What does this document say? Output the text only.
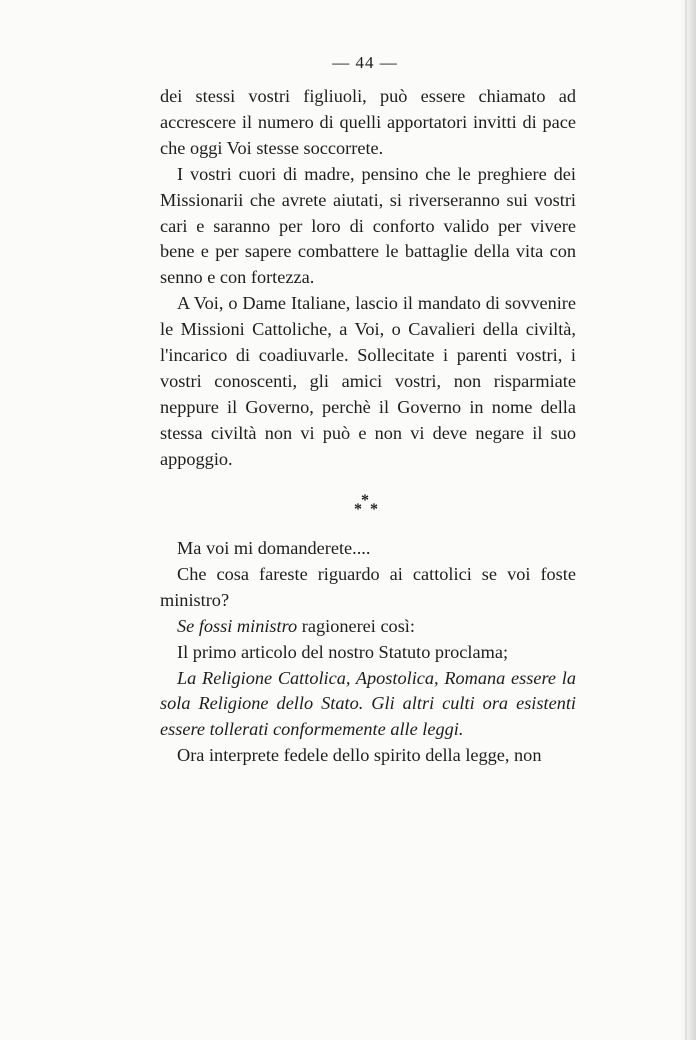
— 44 —

dei stessi vostri figliuoli, può essere chiamato ad accrescere il numero di quelli apportatori invitti di pace che oggi Voi stesse soccorrete.

I vostri cuori di madre, pensino che le preghiere dei Missionarii che avrete aiutati, si riverseranno sui vostri cari e saranno per loro di conforto valido per vivere bene e per sapere combattere le battaglie della vita con senno e con fortezza.

A Voi, o Dame Italiane, lascio il mandato di sovvenire le Missioni Cattoliche, a Voi, o Cavalieri della civiltà, l'incarico di coadiuvarle. Sollecitate i parenti vostri, i vostri conoscenti, gli amici vostri, non risparmiate neppure il Governo, perchè il Governo in nome della stessa civiltà non vi può e non vi deve negare il suo appoggio.

*
* *

Ma voi mi domanderete....

Che cosa fareste riguardo ai cattolici se voi foste ministro?

Se fossi ministro ragionerei così:

Il primo articolo del nostro Statuto proclama;

La Religione Cattolica, Apostolica, Romana essere la sola Religione dello Stato. Gli altri culti ora esistenti essere tollerati conformemente alle leggi.

Ora interprete fedele dello spirito della legge, non
